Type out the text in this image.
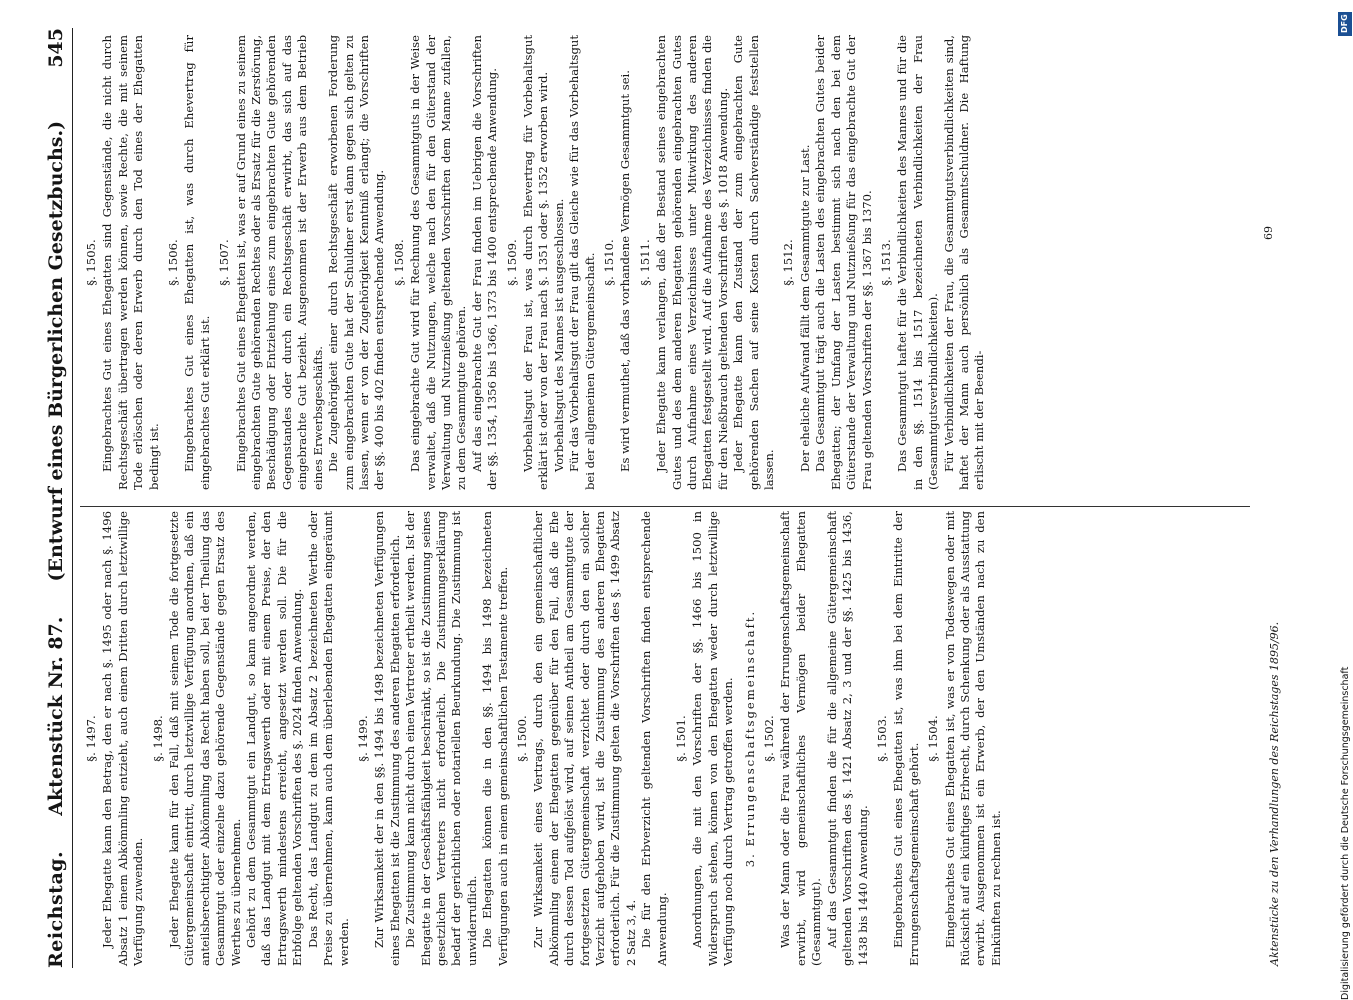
Reichstag.
Aktenstück Nr. 87.
(Entwurf eines Bürgerlichen Gesetzbuchs.)  545

§. 1497. Jeder Ehegatte kann den Betrag, den er nach §. 1495 oder nach §. 1496 Absatz 1 einem Abkömmling entzieht, auch einem Dritten durch letztwillige Verfügung zuwenden.

§. 1498. Jeder Ehegatte kann für den Fall, daß mit seinem Tode die fortgesetzte Gütergemeinschaft eintritt, durch letztwillige Verfügung anordnen, daß ein anteilsberechtigter Abkömmling das Recht haben soll, bei der Theilung das Gesammtgut oder einzelne dazu gehörende Gegenstände gegen Ersatz des Werthes zu übernehmen. Gehört zu dem Gesammtgut ein Landgut, so kann angeordnet werden, daß das Landgut mit dem Ertragswerth oder mit einem Preise, der den Ertragswerth mindestens erreicht, angesetzt werden soll. Die für die Erbfolge geltenden Vorschriften des §. 2024 finden Anwendung. Das Recht, das Landgut zu dem im Absatz 2 bezeichneten Werthe oder Preise zu übernehmen, kann auch dem überlebenden Ehegatten eingeräumt werden.

§. 1499. Zur Wirksamkeit der in den §§. 1494 bis 1498 bezeichneten Verfügungen eines Ehegatten ist die Zustimmung des anderen Ehegatten erforderlich. Die Zustimmung kann nicht durch einen Vertreter ertheilt werden. Ist der Ehegatte in der Geschäftsfähigkeit beschränkt, so ist die Zustimmung seines gesetzlichen Vertreters nicht erforderlich. Die Zustimmungserklärung bedarf der gerichtlichen oder notariellen Beurkundung. Die Zustimmung ist unwiderruflich. Die Ehegatten können die in den §§. 1494 bis 1498 bezeichneten Verfügungen auch in einem gemeinschaftlichen Testamente treffen. §. 1500. Zur Wirksamkeit eines Vertrags, durch den ein gemeinschaftlicher Abkömmling einem der Ehegatten gegenüber für den Fall, daß die Ehe durch dessen Tod aufgelöst wird, auf seinen Antheil am Gesammtgute der fortgesetzten Gütergemeinschaft verzichtet oder durch den ein solcher Verzicht aufgehoben wird, ist die Zustimmung des anderen Ehegatten erforderlich. Für die Zustimmung gelten die Vorschriften des §. 1499 Absatz 2 Satz 3, 4. Die für den Erbverzicht geltenden Vorschriften finden entsprechende Anwendung.

§. 1501. Anordnungen, die mit den Vorschriften der §§. 1466 bis 1500 in Widerspruch stehen, können von den Ehegatten weder durch letztwillige Verfügung noch durch Vertrag getroffen werden. 3. Errungenschaftsgemeinschaft. §. 1502. Was der Mann oder die Frau während der Errungenschaftsgemeinschaft erwirbt, wird gemeinschaftliches Vermögen beider Ehegatten (Gesammtgut). Auf das Gesammtgut finden die für die allgemeine Gütergemeinschaft geltenden Vorschriften des §. 1421 Absatz 2, 3 und der §§. 1425 bis 1436, 1438 bis 1440 Anwendung.

§. 1503. Eingebrachtes Gut eines Ehegatten ist, was ihm bei dem Eintritte der Errungenschaftsgemeinschaft gehört.

§. 1504. Eingebrachtes Gut eines Ehegatten ist, was er von Todeswegen oder mit Rücksicht auf ein künftiges Erbrecht, durch Schenkung oder als Ausstattung erwirbt. Ausgenommen ist ein Erwerb, der den Umständen nach zu den Einkünften zu rechnen ist.

§. 1505. Eingebrachtes Gut eines Ehegatten sind Gegenstände, die nicht durch Rechtsgeschäft übertragen werden können, sowie Rechte, die mit seinem Tode erlöschen oder deren Erwerb durch den Tod eines der Ehegatten bedingt ist.

§. 1506. Eingebrachtes Gut eines Ehegatten ist, was durch Ehevertrag für eingebrachtes Gut erklärt ist.

§. 1507. Eingebrachtes Gut eines Ehegatten ist, was er auf Grund eines zu seinem eingebrachten Gute gehörenden Rechtes oder als Ersatz für die Zerstörung, Beschädigung oder Entziehung eines zum eingebrachten Gute gehörenden Gegenstandes oder durch ein Rechtsgeschäft erwirbt, das sich auf das eingebrachte Gut bezieht. Ausgenommen ist der Erwerb aus dem Betrieb eines Erwerbsgeschäfts. Die Zugehörigkeit einer durch Rechtsgeschäft erworbenen Forderung zum eingebrachten Gute hat der Schuldner erst dann gegen sich gelten zu lassen, wenn er von der Zugehörigkeit Kenntniß erlangt; die Vorschriften der §§. 400 bis 402 finden entsprechende Anwendung. §. 1508. Das eingebrachte Gut wird für Rechnung des Gesammtguts in der Weise verwaltet, daß die Nutzungen, welche nach den für den Güterstand der Verwaltung und Nutznießung geltenden Vorschriften dem Manne zufallen, zu dem Gesammtgute gehören. Auf das eingebrachte Gut der Frau finden im Uebrigen die Vorschriften der §§. 1354, 1356 bis 1366, 1373 bis 1400 entsprechende Anwendung. §. 1509. Vorbehaltsgut der Frau ist, was durch Ehevertrag für Vorbehaltsgut erklärt ist oder von der Frau nach §. 1351 oder §. 1352 erworben wird. Vorbehaltsgut des Mannes ist ausgeschlossen. Für das Vorbehaltsgut der Frau gilt das Gleiche wie für das Vorbehaltsgut bei der allgemeinen Gütergemeinschaft. §. 1510. Es wird vermuthet, daß das vorhandene Vermögen Gesammtgut sei. §. 1511. Jeder Ehegatte kann verlangen, daß der Bestand seines eingebrachten Gutes und des dem anderen Ehegatten gehörenden eingebrachten Gutes durch Aufnahme eines Verzeichnisses unter Mitwirkung des anderen Ehegatten festgestellt wird. Auf die Aufnahme des Verzeichnisses finden die für den Nießbrauch geltenden Vorschriften des §. 1018 Anwendung. Jeder Ehegatte kann den Zustand der zum eingebrachten Gute gehörenden Sachen auf seine Kosten durch Sachverständige feststellen lassen.

§. 1512. Der eheliche Aufwand fällt dem Gesammtgute zur Last. Das Gesammtgut trägt auch die Lasten des eingebrachten Gutes beider Ehegatten; der Umfang der Lasten bestimmt sich nach den bei dem Güterstande der Verwaltung und Nutznießung für das eingebrachte Gut der Frau geltenden Vorschriften der §§. 1367 bis 1370. §. 1513. Das Gesammtgut haftet für die Verbindlichkeiten des Mannes und für die in den §§. 1514 bis 1517 bezeichneten Verbindlichkeiten der Frau (Gesammtgutsverbindlichkeiten). Für Verbindlichkeiten der Frau, die Gesammtgutsverbindlichkeiten sind, haftet der Mann auch persönlich als Gesammtschuldner. Die Haftung erlischt mit der Beendi-

Aktenstücke zu den Verhandlungen des Reichstages 1895/96.
69
DFG
Digitalisierung gefördert durch die Deutsche Forschungsgemeinschaft
